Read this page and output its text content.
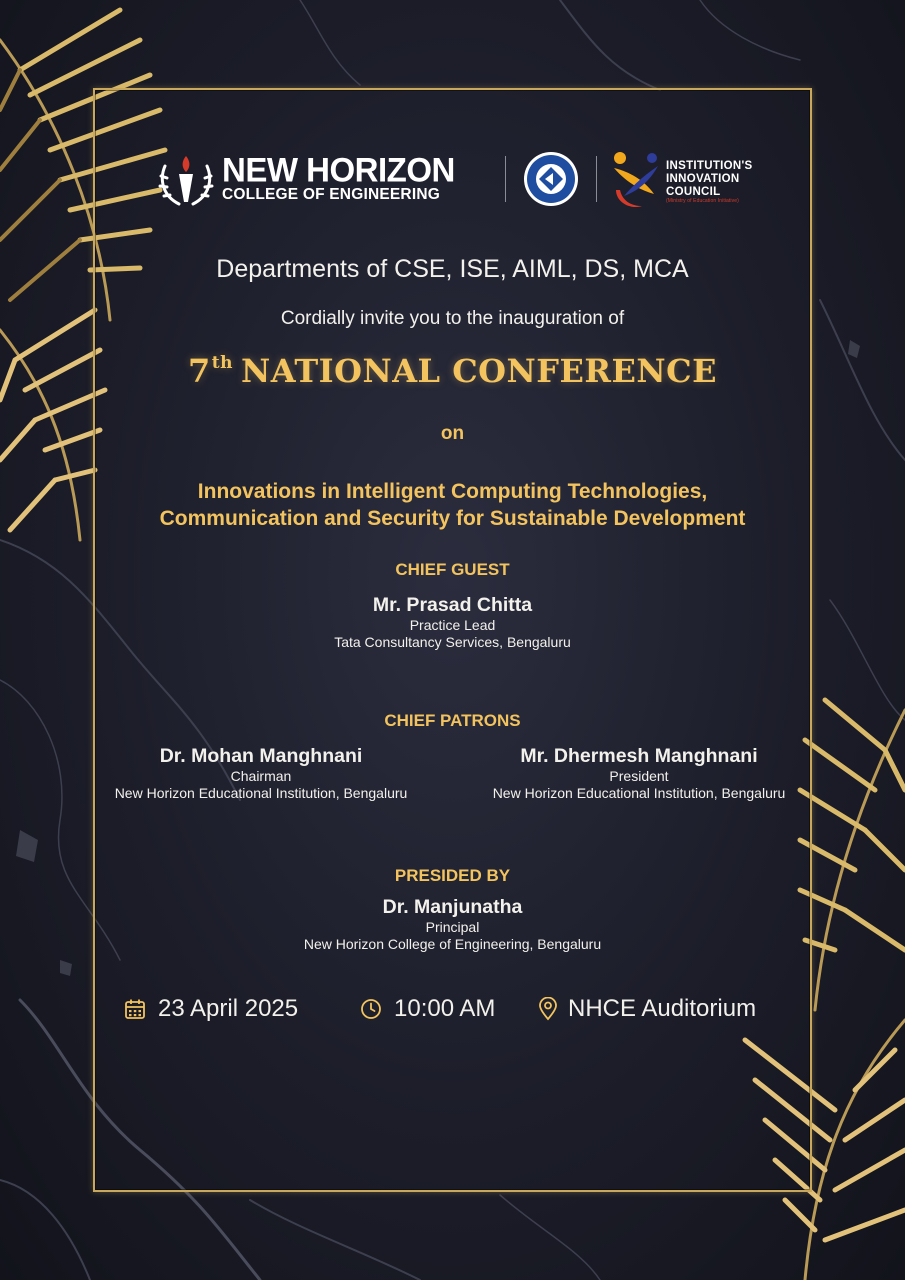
NEW HORIZON
COLLEGE OF ENGINEERING
INSTITUTION'S
INNOVATION
COUNCIL
(Ministry of Education Initiative)
Departments of CSE, ISE, AIML, DS, MCA
Cordially invite you to the inauguration of
7th NATIONAL CONFERENCE
on
Innovations in Intelligent Computing Technologies,
Communication and Security for Sustainable Development
CHIEF GUEST
Mr. Prasad Chitta
Practice Lead
Tata Consultancy Services, Bengaluru
CHIEF PATRONS
Dr. Mohan Manghnani
Chairman
New Horizon Educational Institution, Bengaluru
Mr. Dhermesh Manghnani
President
New Horizon Educational Institution, Bengaluru
PRESIDED BY
Dr. Manjunatha
Principal
New Horizon College of Engineering, Bengaluru
23 April 2025	10:00 AM	NHCE Auditorium
